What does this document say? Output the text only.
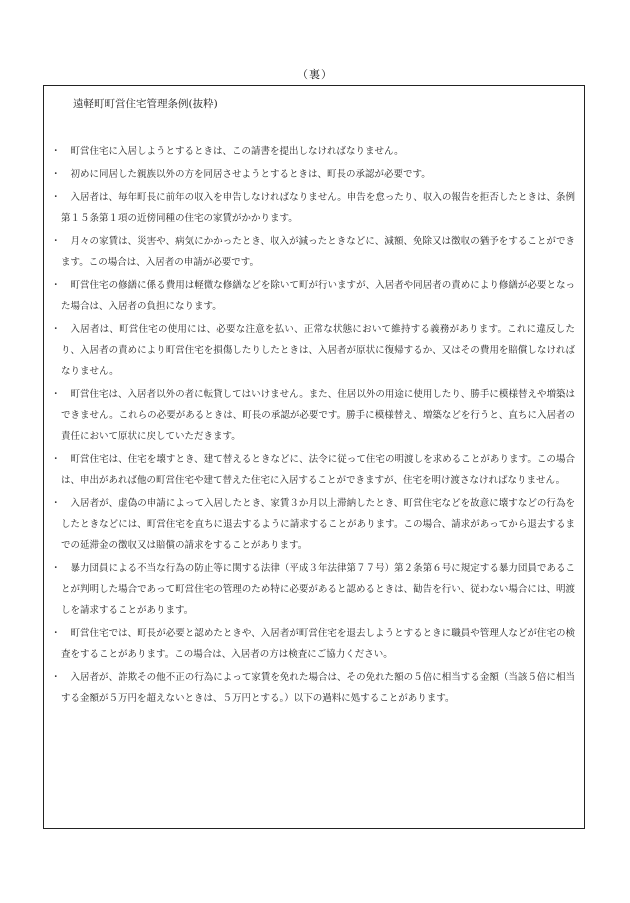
（裏）
遠軽町町営住宅管理条例(抜粋)
・	町営住宅に入居しようとするときは、この請書を提出しなければなりません。
・	初めに同居した親族以外の方を同居させようとするときは、町長の承認が必要です。
・	入居者は、毎年町長に前年の収入を申告しなければなりません。申告を怠ったり、収入の報告を拒否したときは、条例第１５条第１項の近傍同種の住宅の家賃がかかります。
・	月々の家賃は、災害や、病気にかかったとき、収入が減ったときなどに、減額、免除又は徴収の猶予をすることができます。この場合は、入居者の申請が必要です。
・	町営住宅の修繕に係る費用は軽微な修繕などを除いて町が行いますが、入居者や同居者の責めにより修繕が必要となった場合は、入居者の負担になります。
・	入居者は、町営住宅の使用には、必要な注意を払い、正常な状態において維持する義務があります。これに違反したり、入居者の責めにより町営住宅を損傷したりしたときは、入居者が原状に復帰するか、又はその費用を賠償しなければなりません。
・	町営住宅は、入居者以外の者に転貸してはいけません。また、住居以外の用途に使用したり、勝手に模様替えや増築はできません。これらの必要があるときは、町長の承認が必要です。勝手に模様替え、増築などを行うと、直ちに入居者の責任において原状に戻していただきます。
・	町営住宅は、住宅を壊すとき、建て替えるときなどに、法令に従って住宅の明渡しを求めることがあります。この場合は、申出があれば他の町営住宅や建て替えた住宅に入居することができますが、住宅を明け渡さなければなりません。
・	入居者が、虚偽の申請によって入居したとき、家賃３か月以上滞納したとき、町営住宅などを故意に壊すなどの行為をしたときなどには、町営住宅を直ちに退去するように請求することがあります。この場合、請求があってから退去するまでの延滞金の徴収又は賠償の請求をすることがあります。
・	暴力団員による不当な行為の防止等に関する法律（平成３年法律第７７号）第２条第６号に規定する暴力団員であることが判明した場合であって町営住宅の管理のため特に必要があると認めるときは、勧告を行い、従わない場合には、明渡しを請求することがあります。
・	町営住宅では、町長が必要と認めたときや、入居者が町営住宅を退去しようとするときに職員や管理人などが住宅の検査をすることがあります。この場合は、入居者の方は検査にご協力ください。
・	入居者が、詐欺その他不正の行為によって家賃を免れた場合は、その免れた額の５倍に相当する金額（当該５倍に相当する金額が５万円を超えないときは、５万円とする。）以下の過料に処することがあります。
